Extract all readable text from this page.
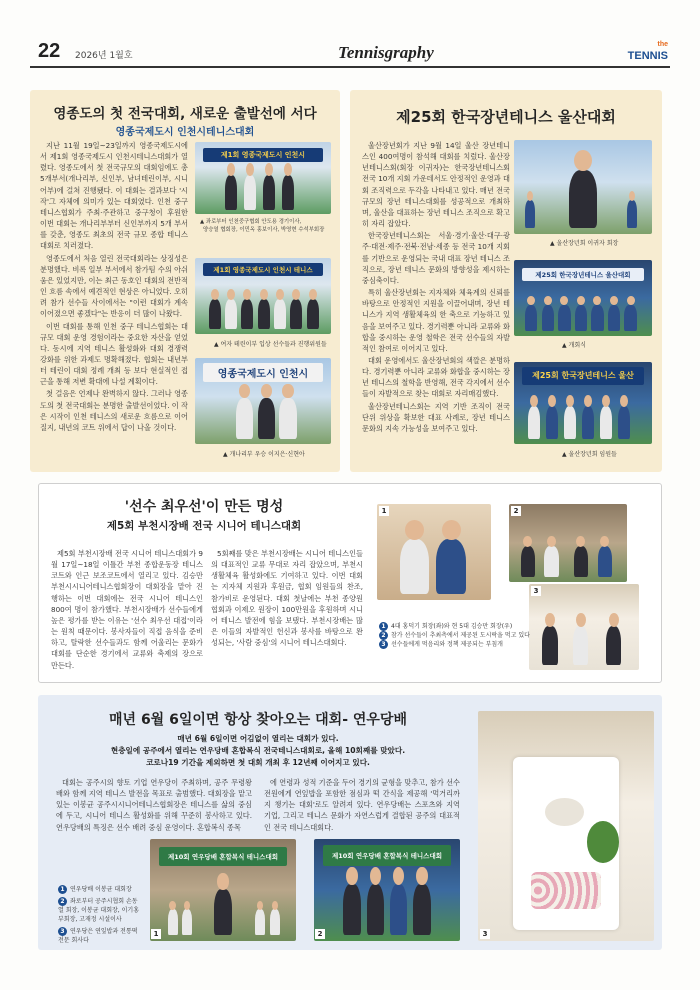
22 2026년 1월호	Tennisgraphy	the
TENNIS
영종도의 첫 전국대회, 새로운 출발선에 서다
영종국제도시 인천시테니스대회

지난 11월 19일~23일까지 영종국제도시에서 제1회 영종국제도시 인천시테니스대회가 열렸다. 영종도에서 첫 전국규모의 대회임에도 총 5개부서(개나리부, 신인부, 남녀테린이부, 시니어부)에 걸쳐 진행됐다. 이 대회는 결과보다 '시작'그 자체에 의미가 있는 대회였다. 인천 중구 테니스협회가 주최·주관하고 중구청이 후원한 이번 대회는 개나리부부터 신인부까지 5개 부서를 갖춘, 영종도 최초의 전국 규모 종합 테니스대회로 치러졌다.

영종도에서 처음 열린 전국대회라는 상징성은 분명했다. 비록 일부 부서에서 참가팀 수의 아쉬움은 있었지만, 이는 최근 동호인 대회의 전반적인 흐름 속에서 예견적인 현상은 아니었다. 오히려 참가 선수들 사이에서는 "이런 대회가 계속 이어졌으면 좋겠다"는 반응이 더 많이 나왔다.

이번 대회를 통해 인천 중구 테니스협회는 대규모 대회 운영 경험이라는 중요한 자산을 얻었다. 동시에 지역 테니스 활성화와 대회 경쟁력 강화를 위한 과제도 명확해졌다. 협회는 내년부터 테린이 대회 정례 개최 등 보다 현실적인 접근을 통해 저변 확대에 나설 계획이다.

첫 걸음은 언제나 완벽하지 않다. 그러나 영종도의 첫 전국대회는 분명한 출발선이었다. 이 작은 시작이 인천 테니스의 새로운 흐름으로 이어질지, 내년의 코트 위에서 답이 나올 것이다.

제1회 영종국제도시 인천시
▲ 좌로부터 인천중구협회 안도용 경기이사,
양승열 협회장, 이민옥 홍보이사, 박영현 수석부회장
제1회 영종국제도시 인천시 테니스
▲ 여자 테린이부 입상 선수들과 진행위원들
영종국제도시 인천시
▲ 개나리부 우승 이지은·신현아
제25회 한국장년테니스 울산대회

울산장년회가 지난 9월 14일 울산 장년테니스인 400여명이 참석해 대회를 치렀다. 울산장년테니스회(회장 이귀자)는 한국장년테니스회 전국 10개 지회 가운데서도 안정적인 운영과 대회 조직력으로 두각을 나타내고 있다. 매년 전국 규모의 장년 테니스대회를 성공적으로 개최하며, 울산을 대표하는 장년 테니스 조직으로 확고히 자리 잡았다.

한국장년테니스회는 서울·경기·울산·대구·광주·대전·제주·전북·전남·세종 등 전국 10개 지회를 기반으로 운영되는 국내 대표 장년 테니스 조직으로, 장년 테니스 문화의 방향성을 제시하는 중심축이다.

특히 울산장년회는 지자체와 체육계의 신뢰를 바탕으로 안정적인 지원을 이끌어내며, 장년 테니스가 지역 생활체육의 한 축으로 기능하고 있음을 보여주고 있다. 경기력뿐 아니라 교류와 화합을 중시하는 운영 철학은 전국 선수들의 자발적인 참여로 이어지고 있다.

대회 운영에서도 울산장년회의 색깔은 분명하다. 경기력뿐 아니라 교류와 화합을 중시하는 장년 테니스의 철학을 반영해, 전국 각지에서 선수들이 자발적으로 찾는 대회로 자리매김했다.

울산장년테니스회는 지역 기반 조직이 전국 단위 위상을 확보한 대표 사례로, 장년 테니스 문화의 지속 가능성을 보여주고 있다.

▲ 울산장년회 이귀자 회장
제25회 한국장년테니스 울산대회
▲ 개회식
제25회 한국장년테니스 울산
▲ 울산장년회 임원들
'선수 최우선'이 만든 명성
제5회 부천시장배 전국 시니어 테니스대회

제5회 부천시장배 전국 시니어 테니스대회가 9월 17일~18일 이틀간 부천 종합운동장 테니스코트와 인근 보조코트에서 열리고 있다. 김승만 부천시시니어테니스협회장이 대회장을 맡아 진행하는 이번 대회에는 전국 시니어 테니스인 800여 명이 참가했다. 부천시장배가 선수들에게 높은 평가를 받는 이유는 '선수 최우선 대접'이라는 원칙 때문이다. 봉사자들이 직접 음식을 준비하고, 탈락한 선수들과도 함께 어울리는 문화가 대회를 단순한 경기에서 교류와 축제의 장으로 만든다.

5회째를 맞은 부천시장배는 시니어 테니스인들의 대표적인 교류 무대로 자리 잡았으며, 부천시 생활체육 활성화에도 기여하고 있다. 이번 대회는 지자체 지원과 후원금, 협회 임원들의 찬조, 참가비로 운영된다. 대회 첫날에는 부천 종양원협회과 이제오 원장이 100만원을 후원하며 시니어 테니스 발전에 힘을 보탰다. 부천시장배는 많은 이들의 자발적인 헌신과 봉사를 바탕으로 완성되는, '사람 중심'의 시니어 테니스대회다.

1	2
3
1 4대 홍덕기 회장(좌)와 현 5대 김승만 회장(우)
2 참가 선수들이 추최측에서 제공된 도시락을 먹고 있다
3 선수들에게 먹음리와 정책 제공되는 부침개
매년 6월 6일이면 항상 찾아오는 대회- 연우당배
매년 6월 6일이면 어김없이 열리는 대회가 있다.
현충일에 공주에서 열리는 연우당배 혼합복식 전국테니스대회로, 올해 10회째를 맞았다.
코로나19 기간을 제외하면 첫 대회 개최 후 12년째 이어지고 있다.

대회는 공주시의 향토 기업 연우당이 주최하며, 공주 무령왕배와 함께 지역 테니스 발전을 목표로 출범했다. 대회장을 맡고 있는 이봉균 공주시시니어테니스협회장은 테니스를 삶의 중심에 두고, 시니어 테니스 활성화를 위해 꾸준히 봉사하고 있다. 연우당배의 특징은 선수 배려 중심 운영이다. 혼합복식 종목

에 연령과 성적 기준을 두어 경기의 균형을 맞추고, 참가 선수 전원에게 연잎밥을 포함한 점심과 떡 간식을 제공해 '먹거리까지 챙기는 대회'로도 알려져 있다. 연우당배는 스포츠와 지역 기업, 그리고 테니스 문화가 자연스럽게 결합된 공주의 대표적인 전국 테니스대회다.

1 연우당배 이봉균 대회장
2 좌로부터 공주시협회 손동열 회장, 이봉균 대회장, 이기홍 부회장, 고재정 시설이사
3 연우당은 연잎밥과 전통떡 전문 회사다
제10회 연우당배 혼합복식 테니스대회
1
제10회 연우당배 혼합복식 테니스대회
2	3
